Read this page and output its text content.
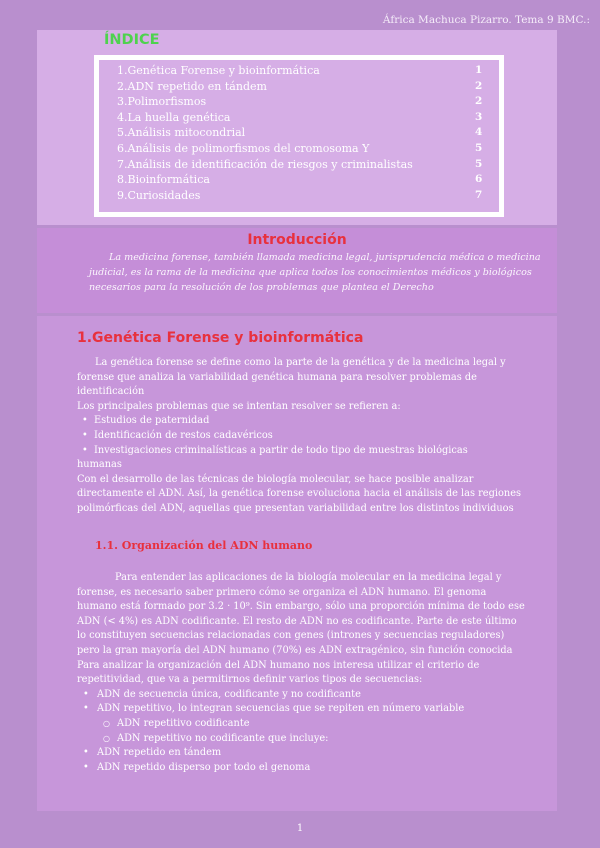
África Machuca Pizarro. Tema 9 BMC.:
ÍNDICE
1.Genética Forense y bioinformática	1
2.ADN repetido en tándem	2
3.Polimorfismos	2
4.La huella genética	3
5.Análisis mitocondrial	4
6.Análisis de polimorfismos del cromosoma Y	5
7.Análisis de identificación de riesgos y criminalistas	5
8.Bioinformática	6
9.Curiosidades	7
Introducción
La medicina forense, también llamada medicina legal, jurisprudencia médica o medicina judicial, es la rama de la medicina que aplica todos los conocimientos médicos y biológicos necesarios para la resolución de los problemas que plantea el Derecho
1.Genética Forense y bioinformática
La genética forense se define como la parte de la genética y de la medicina legal y forense que analiza la variabilidad genética humana para resolver problemas de identificación
Los principales problemas que se intentan resolver se refieren a:
• Estudios de paternidad
• Identificación de restos cadavéricos
• Investigaciones criminalísticas a partir de todo tipo de muestras biológicas
humanas
Con el desarrollo de las técnicas de biología molecular, se hace posible analizar directamente el ADN. Así, la genética forense evoluciona hacia el análisis de las regiones polimórficas del ADN, aquellas que presentan variabilidad entre los distintos individuos
1.1. Organización del ADN humano
Para entender las aplicaciones de la biología molecular en la medicina legal y forense, es necesario saber primero cómo se organiza el ADN humano. El genoma humano está formado por 3.2 · 10⁹. Sin embargo, sólo una proporción mínima de todo ese ADN (< 4%) es ADN codificante. El resto de ADN no es codificante. Parte de este último lo constituyen secuencias relacionadas con genes (intrones y secuencias reguladores) pero la gran mayoría del ADN humano (70%) es ADN extragénico, sin función conocida Para analizar la organización del ADN humano nos interesa utilizar el criterio de repetitividad, que va a permitirnos definir varios tipos de secuencias:
• ADN de secuencia única, codificante y no codificante
• ADN repetitivo, lo integran secuencias que se repiten en número variable
○ ADN repetitivo codificante
○ ADN repetitivo no codificante que incluye:
• ADN repetido en tándem
• ADN repetido disperso por todo el genoma
1
